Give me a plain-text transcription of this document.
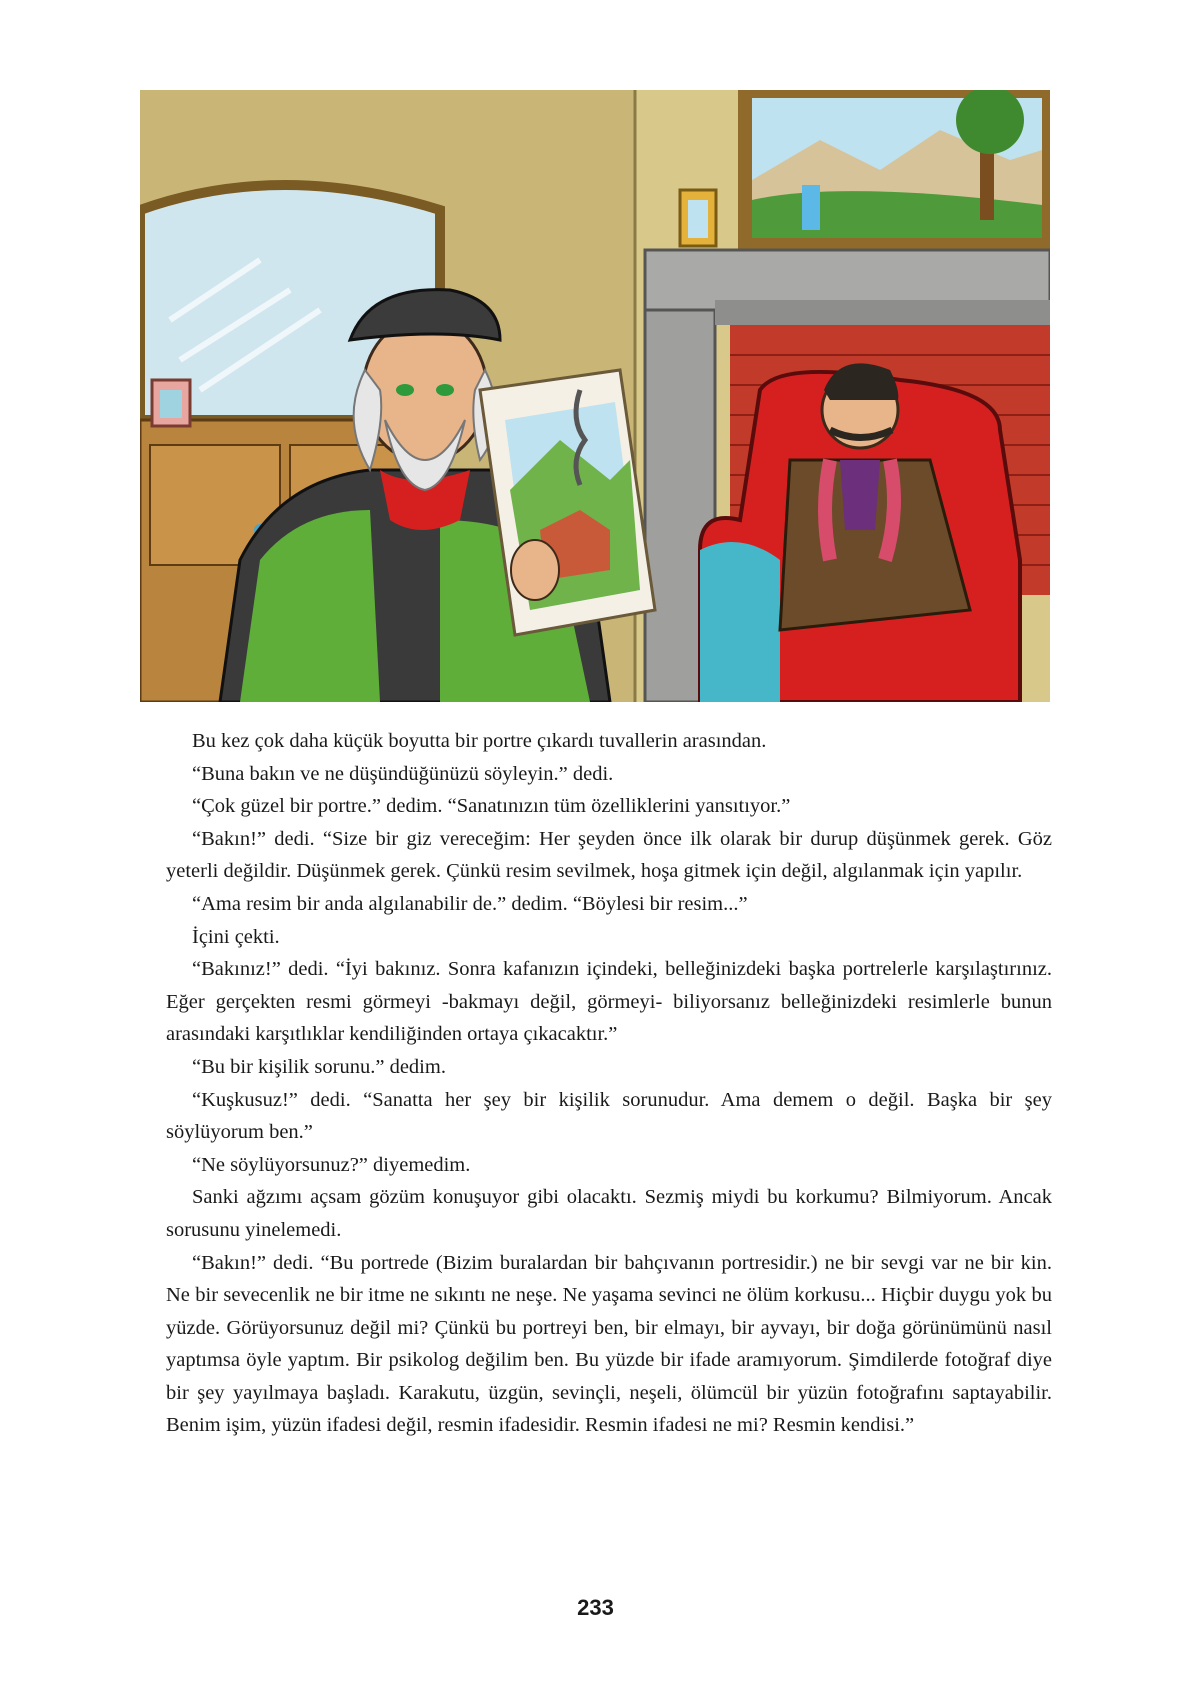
Bu kez çok daha küçük boyutta bir portre çıkardı tuvallerin arasından.

“Buna bakın ve ne düşündüğünüzü söyleyin.” dedi.

“Çok güzel bir portre.” dedim. “Sanatınızın tüm özelliklerini yansıtıyor.”

“Bakın!” dedi. “Size bir giz vereceğim: Her şeyden önce ilk olarak bir durup düşünmek gerek. Göz yeterli değildir. Düşünmek gerek. Çünkü resim sevilmek, hoşa gitmek için değil, algılanmak için yapılır.

“Ama resim bir anda algılanabilir de.” dedim. “Böylesi bir resim...”

İçini çekti.

“Bakınız!” dedi. “İyi bakınız. Sonra kafanızın içindeki, belleğinizdeki başka portrelerle karşılaştırınız. Eğer gerçekten resmi görmeyi -bakmayı değil, görmeyi- biliyorsanız belleğinizdeki resimlerle bunun arasındaki karşıtlıklar kendiliğinden ortaya çıkacaktır.”

“Bu bir kişilik sorunu.” dedim.

“Kuşkusuz!” dedi. “Sanatta her şey bir kişilik sorunudur. Ama demem o değil. Başka bir şey söylüyorum ben.”

“Ne söylüyorsunuz?” diyemedim.

Sanki ağzımı açsam gözüm konuşuyor gibi olacaktı. Sezmiş miydi bu korkumu? Bilmiyorum. Ancak sorusunu yinelemedi.

“Bakın!” dedi. “Bu portrede (Bizim buralardan bir bahçıvanın portresidir.) ne bir sevgi var ne bir kin. Ne bir sevecenlik ne bir itme ne sıkıntı ne neşe. Ne yaşama sevinci ne ölüm korkusu... Hiçbir duygu yok bu yüzde. Görüyorsunuz değil mi? Çünkü bu portreyi ben, bir elmayı, bir ayvayı, bir doğa görünümünü nasıl yaptımsa öyle yaptım. Bir psikolog değilim ben. Bu yüzde bir ifade aramıyorum. Şimdilerde fotoğraf diye bir şey yayılmaya başladı. Karakutu, üzgün, sevinçli, neşeli, ölümcül bir yüzün fotoğrafını saptayabilir. Benim işim, yüzün ifadesi değil, resmin ifadesidir. Resmin ifadesi ne mi? Resmin kendisi.”

233
